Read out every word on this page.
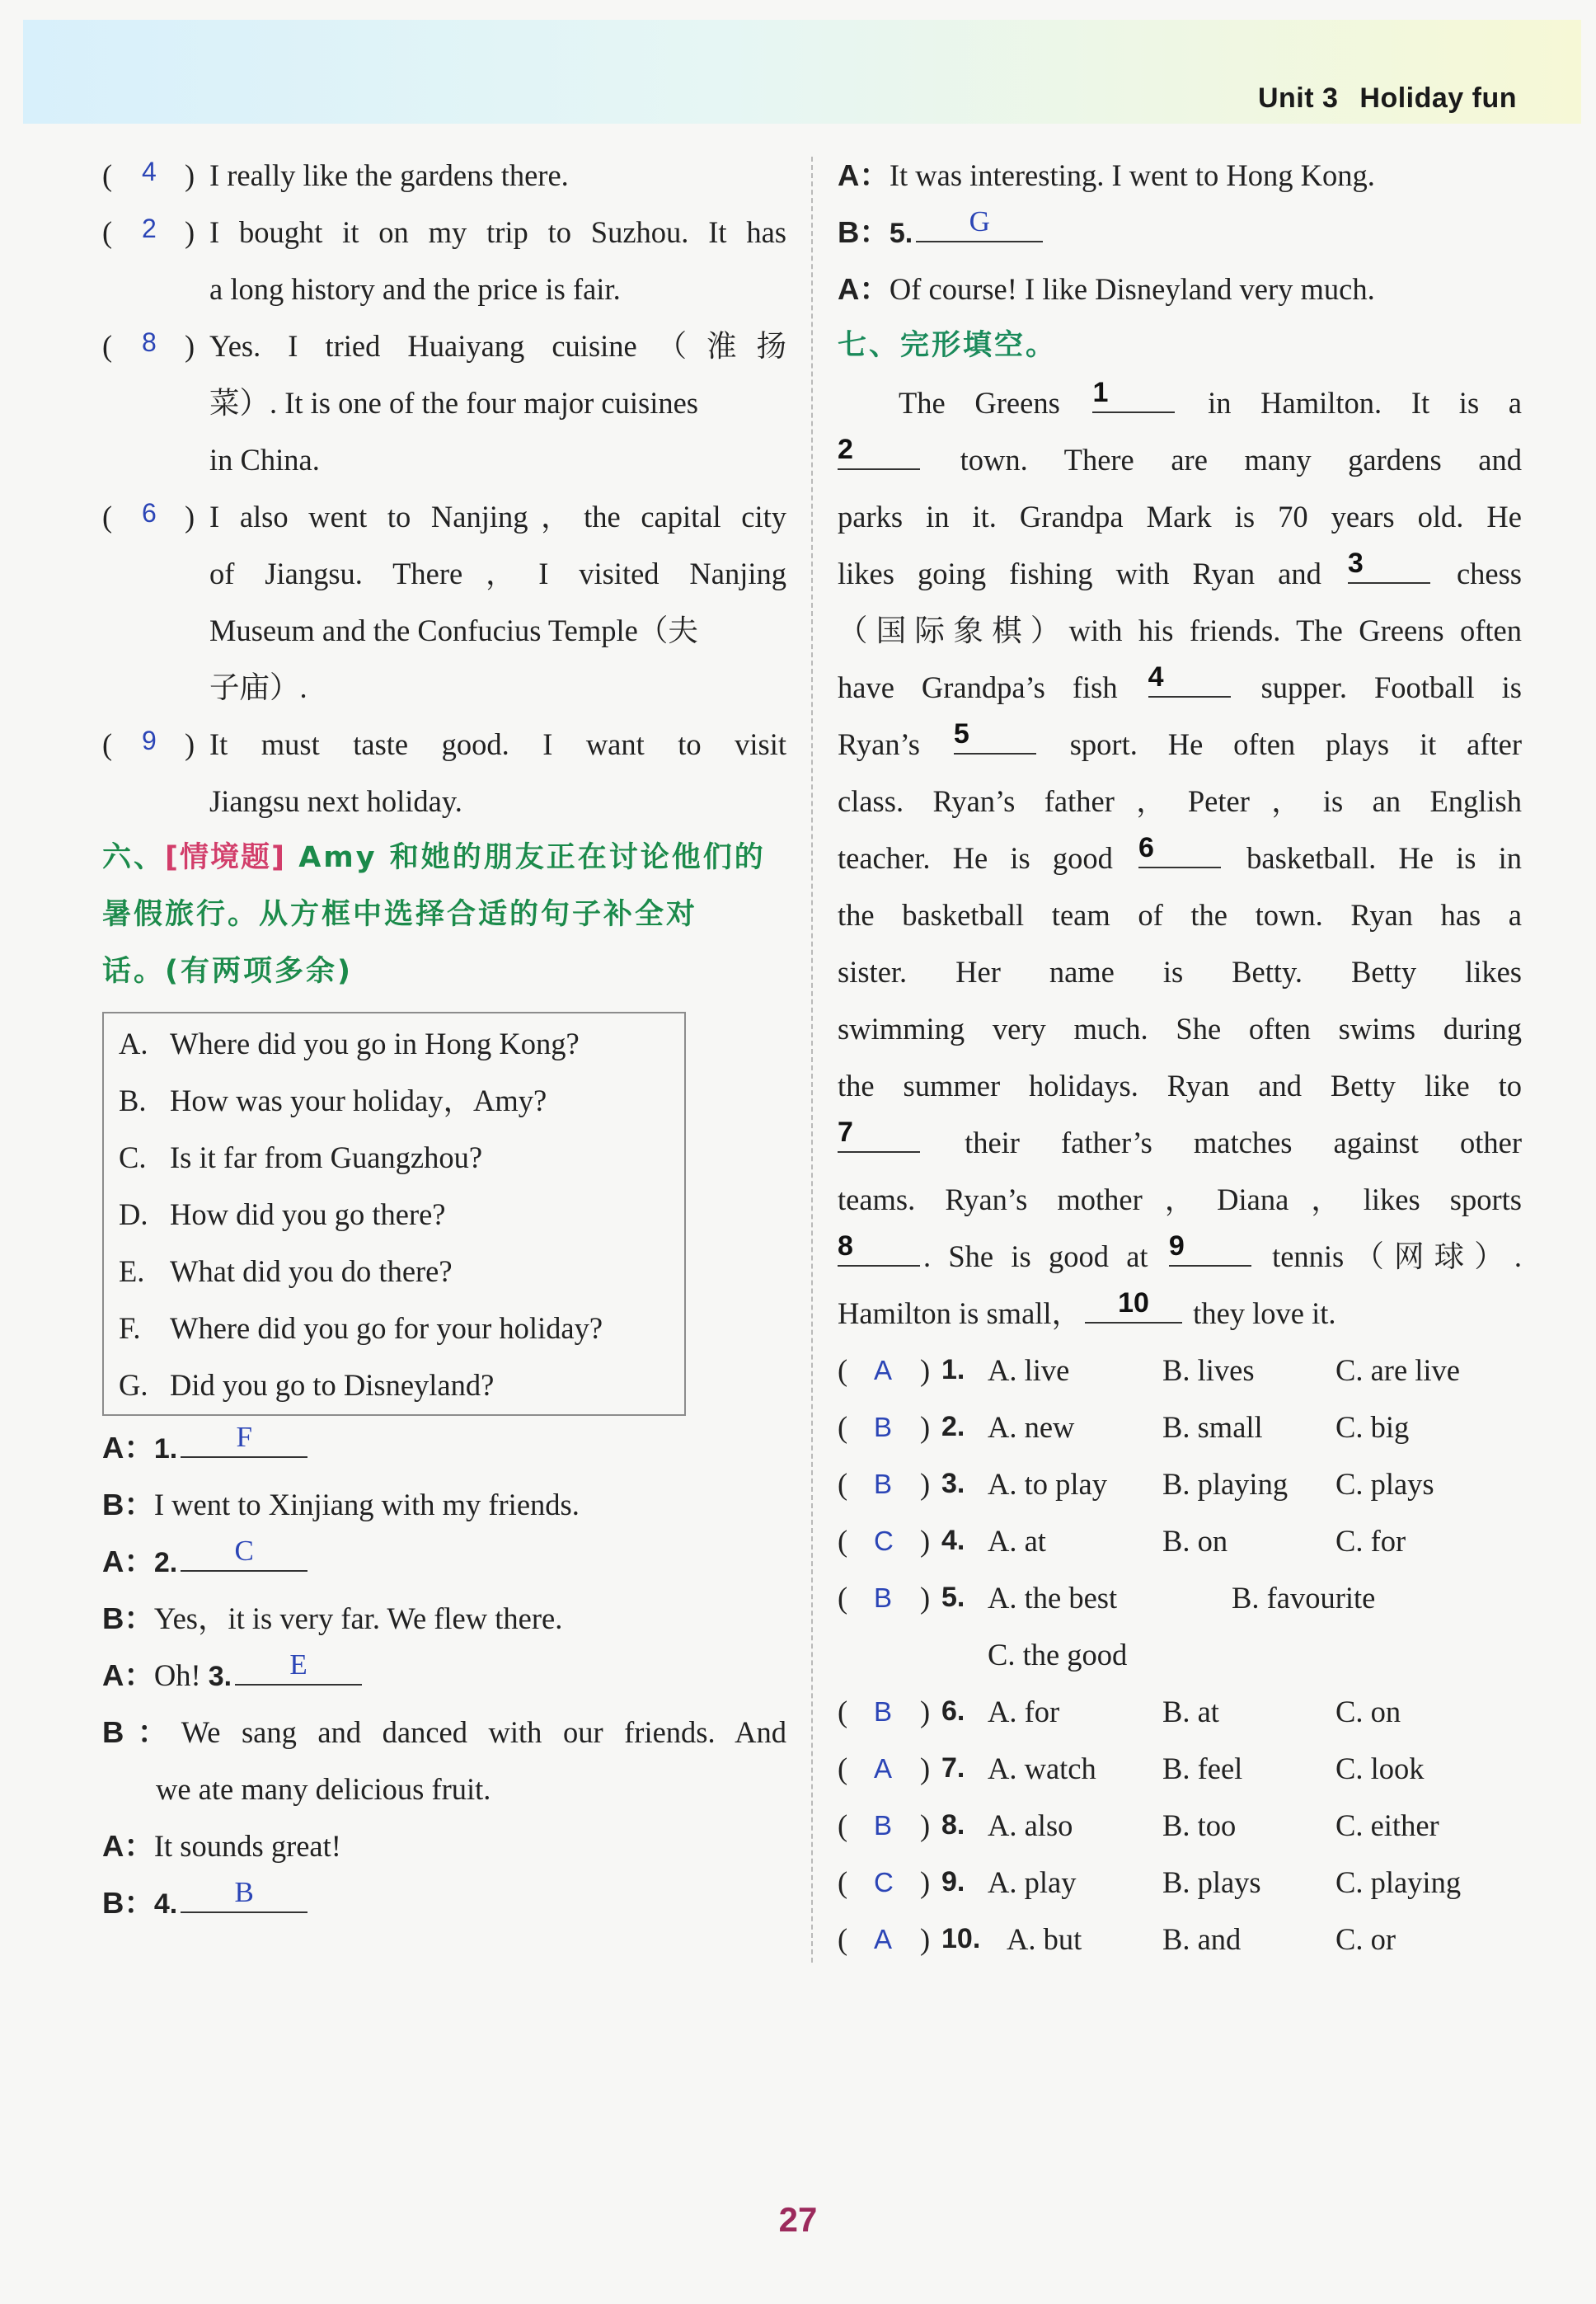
Unit 3 Holiday fun
( 4 ) I really like the gardens there.
( 2 ) I bought it on my trip to Suzhou. It has
a long history and the price is fair.
( 8 ) Yes. I tried Huaiyang cuisine（淮扬
菜）. It is one of the four major cuisines
in China.
( 6 ) I also went to Nanjing，the capital city
of Jiangsu. There，I visited Nanjing
Museum and the Confucius Temple（夫
子庙）.
( 9 ) It must taste good. I want to visit
Jiangsu next holiday.
六、[情境题] Amy 和她的朋友正在讨论他们的
暑假旅行。从方框中选择合适的句子补全对
话。(有两项多余)
A. Where did you go in Hong Kong?
B. How was your holiday，Amy?
C. Is it far from Guangzhou?
D. How did you go there?
E. What did you do there?
F. Where did you go for your holiday?
G. Did you go to Disneyland?
A：1.	F
B：I went to Xinjiang with my friends.
A：2.	C
B：Yes，it is very far. We flew there.
A：Oh! 3.	E
B：We sang and danced with our friends. And
we ate many delicious fruit.
A：It sounds great!
B：4.	B
A：It was interesting. I went to Hong Kong.
B：5.	G
A：Of course! I like Disneyland very much.
七、完形填空。
The Greens 1	in Hamilton. It is a
2	town. There are many gardens and
parks in it. Grandpa Mark is 70 years old. He
likes going fishing with Ryan and 3	chess
（国际象棋）with his friends. The Greens often
have Grandpa’s fish 4	supper. Football is
Ryan’s 5	sport. He often plays it after
class. Ryan’s father，Peter，is an English
teacher. He is good 6	basketball. He is in
the basketball team of the town. Ryan has a
sister. Her name is Betty. Betty likes
swimming very much. She often swims during
the summer holidays. Ryan and Betty like to
7	their father’s matches against other
teams. Ryan’s mother，Diana，likes sports
8	. She is good at 9	tennis（网球）.
Hamilton is small，	10	they love it.
( A ) 1. A. live	B. lives	C. are live
( B ) 2. A. new	B. small C. big
( B ) 3. A. to play B. playing C. plays
( C ) 4. A. at	B. on	C. for
( B ) 5. A. the best	B. favourite
C. the good
( B ) 6. A. for	B. at	C. on
( A ) 7. A. watch B. feel	C. look
( B ) 8. A. also	B. too	C. either
( C ) 9. A. play	B. plays C. playing
( A ) 10. A. but	B. and	C. or
27
